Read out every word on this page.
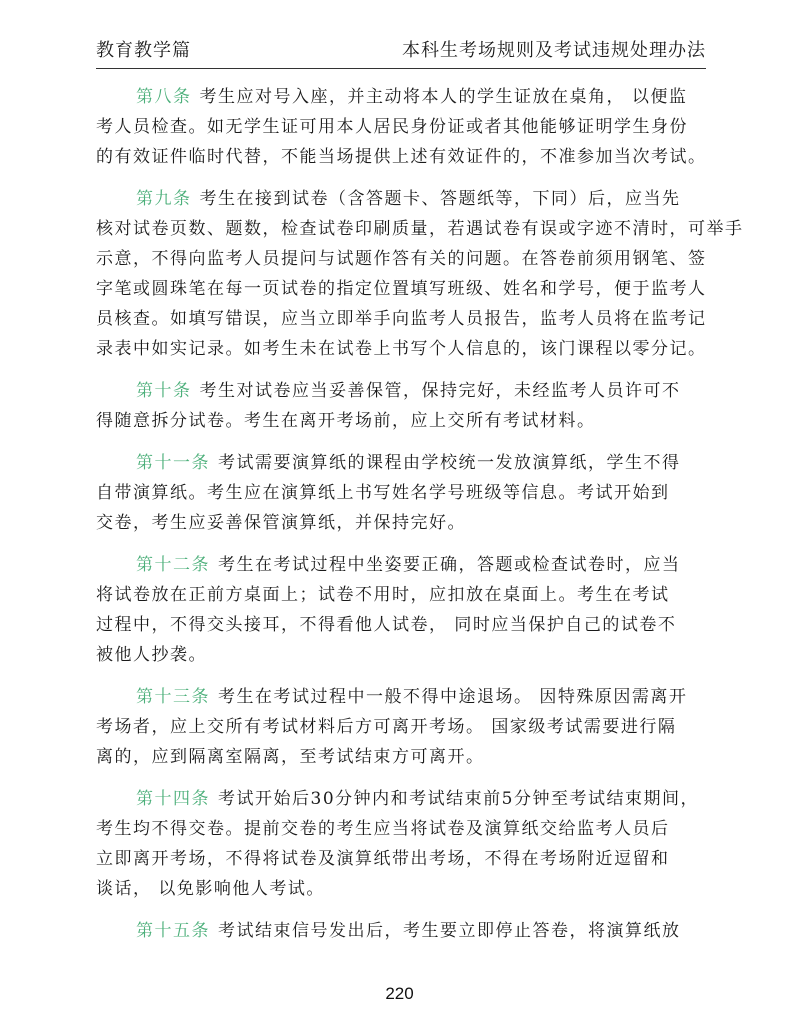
教育教学篇	本科生考场规则及考试违规处理办法

第八条 考生应对号入座，并主动将本人的学生证放在桌角， 以便监
考人员检查。如无学生证可用本人居民身份证或者其他能够证明学生身份
的有效证件临时代替，不能当场提供上述有效证件的，不准参加当次考试。

第九条 考生在接到试卷（含答题卡、答题纸等，下同）后，应当先
核对试卷页数、题数，检查试卷印刷质量，若遇试卷有误或字迹不清时，可举手
示意，不得向监考人员提问与试题作答有关的问题。在答卷前须用钢笔、签
字笔或圆珠笔在每一页试卷的指定位置填写班级、姓名和学号，便于监考人
员核查。如填写错误，应当立即举手向监考人员报告，监考人员将在监考记
录表中如实记录。如考生未在试卷上书写个人信息的，该门课程以零分记。

第十条 考生对试卷应当妥善保管，保持完好，未经监考人员许可不
得随意拆分试卷。考生在离开考场前，应上交所有考试材料。

第十一条 考试需要演算纸的课程由学校统一发放演算纸，学生不得
自带演算纸。考生应在演算纸上书写姓名学号班级等信息。考试开始到
交卷，考生应妥善保管演算纸，并保持完好。

第十二条 考生在考试过程中坐姿要正确，答题或检查试卷时，应当
将试卷放在正前方桌面上；试卷不用时，应扣放在桌面上。考生在考试
过程中，不得交头接耳，不得看他人试卷， 同时应当保护自己的试卷不
被他人抄袭。

第十三条 考生在考试过程中一般不得中途退场。 因特殊原因需离开
考场者，应上交所有考试材料后方可离开考场。 国家级考试需要进行隔
离的，应到隔离室隔离，至考试结束方可离开。

第十四条 考试开始后30分钟内和考试结束前5分钟至考试结束期间，
考生均不得交卷。提前交卷的考生应当将试卷及演算纸交给监考人员后
立即离开考场，不得将试卷及演算纸带出考场，不得在考场附近逗留和
谈话， 以免影响他人考试。

第十五条 考试结束信号发出后，考生要立即停止答卷，将演算纸放

220
